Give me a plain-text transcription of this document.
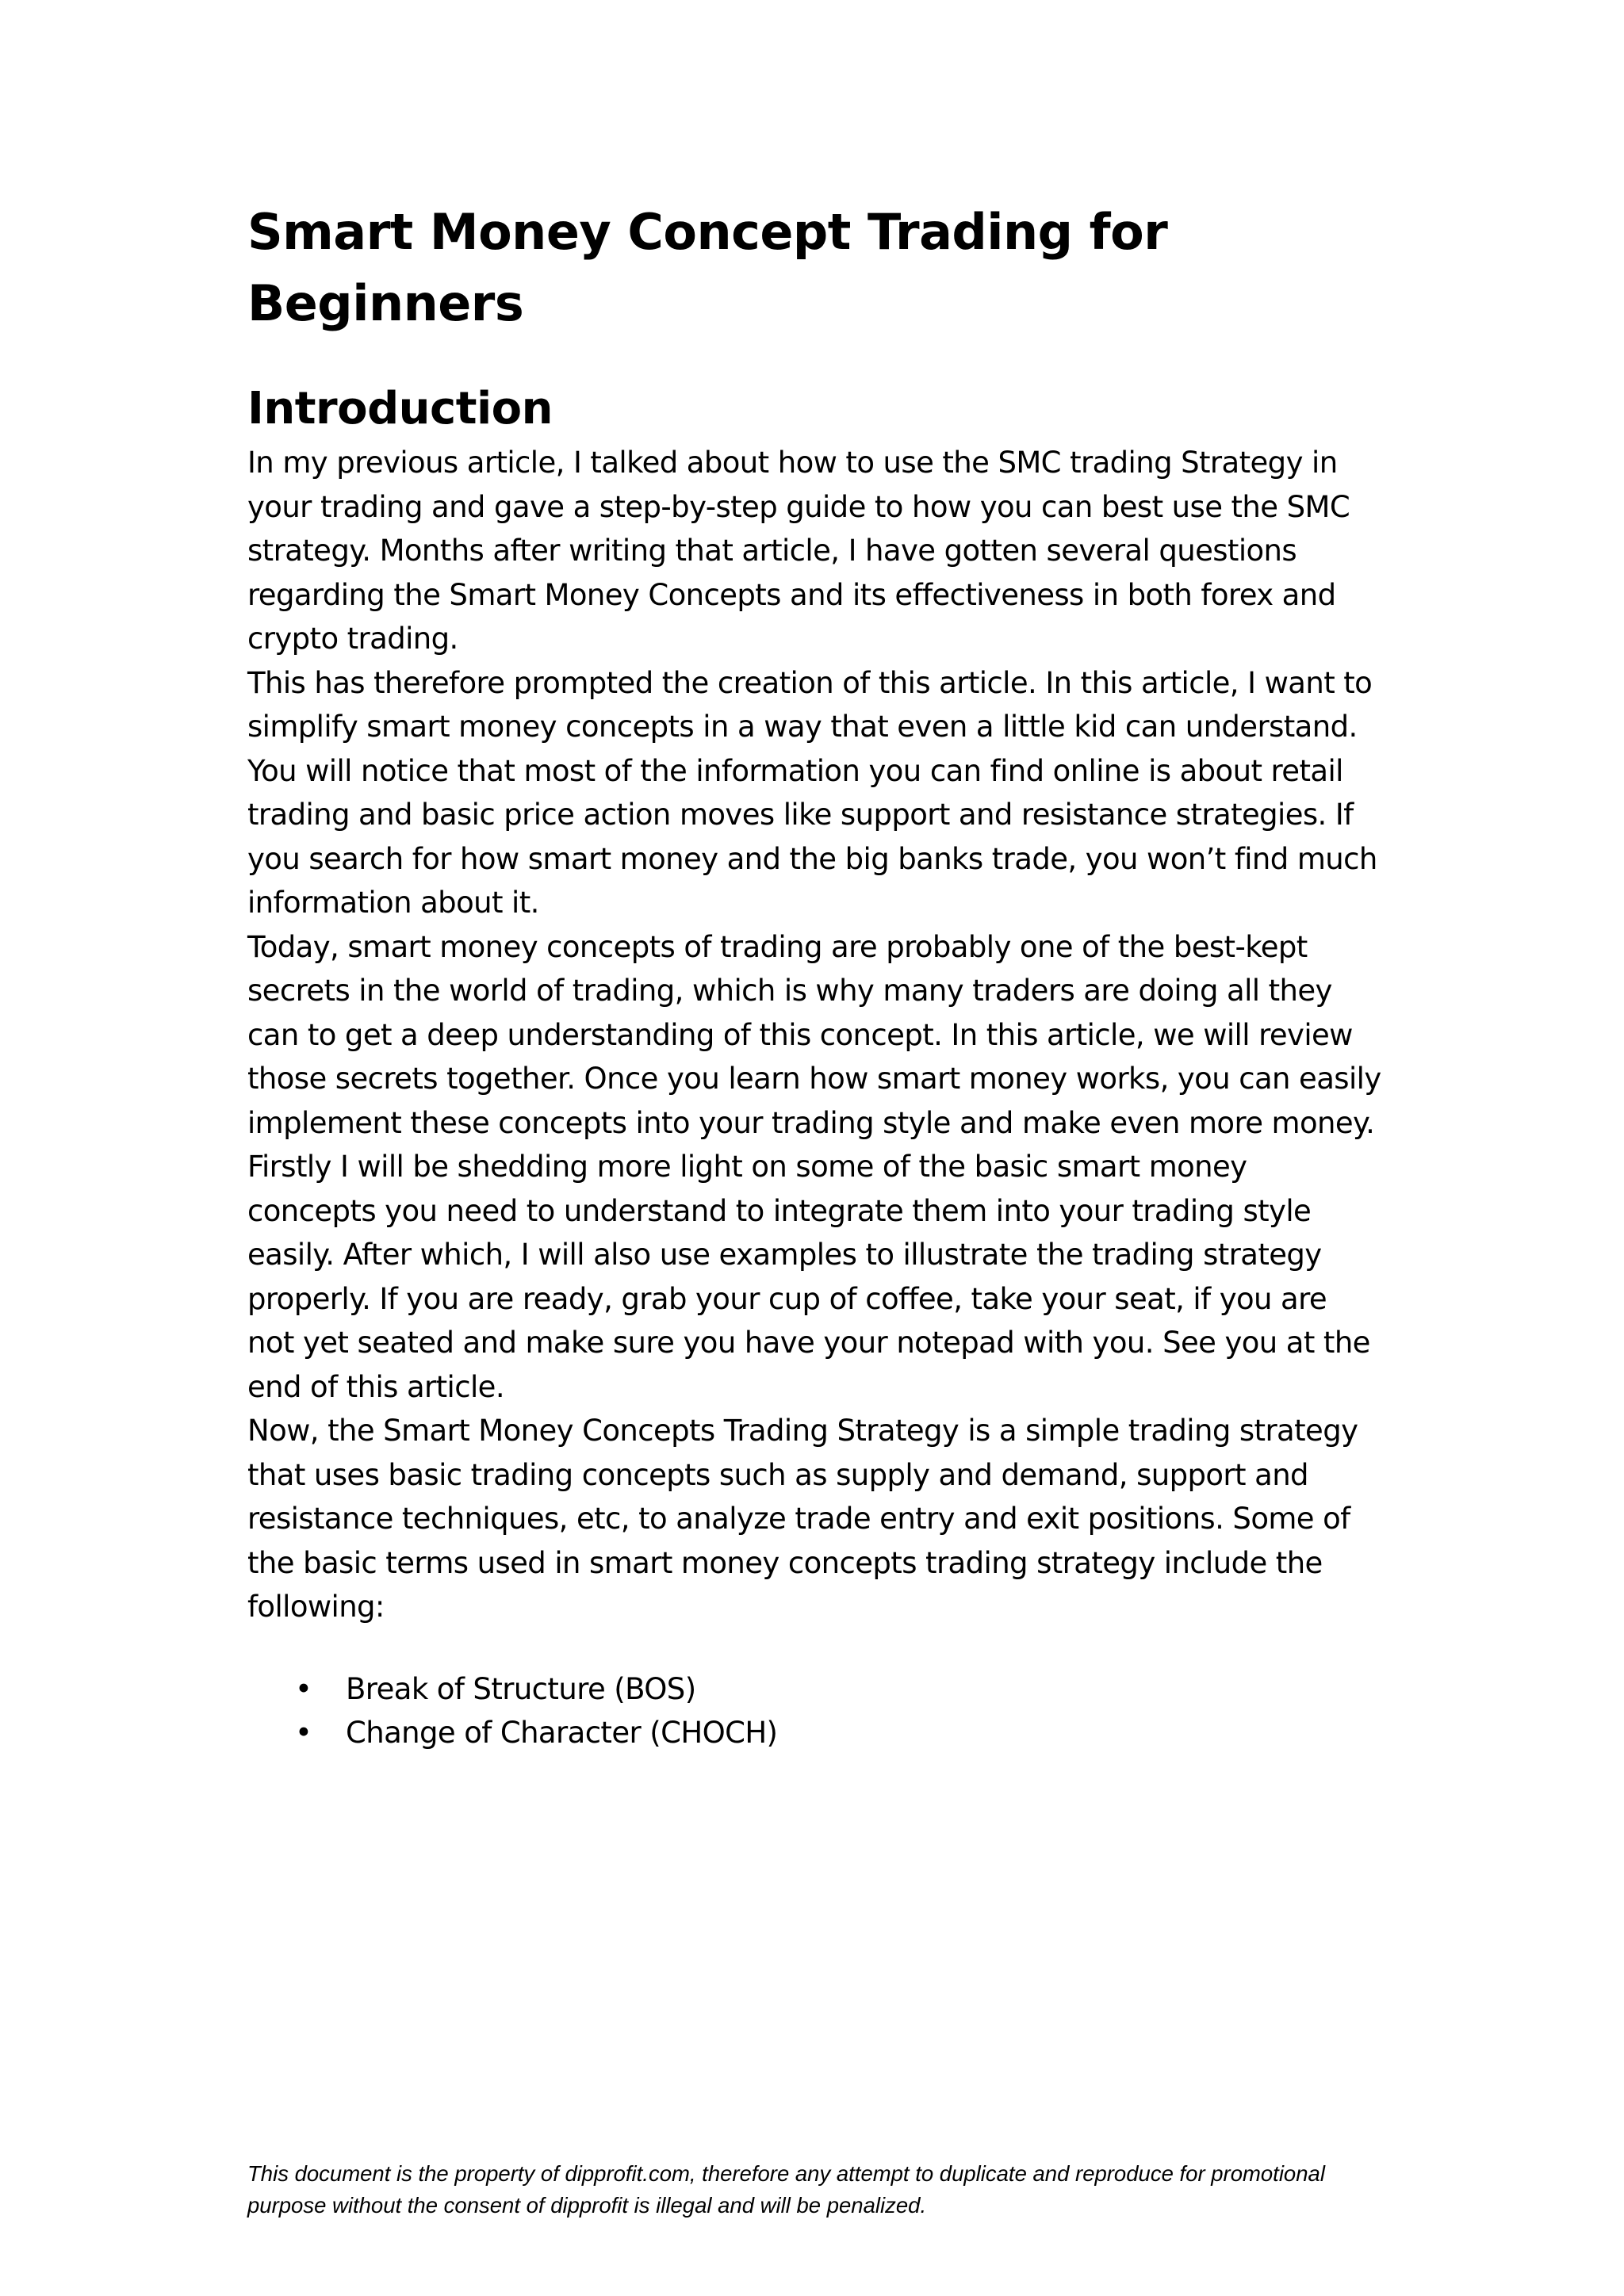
Smart Money Concept Trading for
Beginners
Introduction

In my previous article, I talked about how to use the SMC trading Strategy in
your trading and gave a step-by-step guide to how you can best use the SMC
strategy. Months after writing that article, I have gotten several questions
regarding the Smart Money Concepts and its effectiveness in both forex and
crypto trading.

This has therefore prompted the creation of this article. In this article, I want to
simplify smart money concepts in a way that even a little kid can understand.
You will notice that most of the information you can find online is about retail
trading and basic price action moves like support and resistance strategies. If
you search for how smart money and the big banks trade, you won’t find much
information about it.

Today, smart money concepts of trading are probably one of the best-kept
secrets in the world of trading, which is why many traders are doing all they
can to get a deep understanding of this concept. In this article, we will review
those secrets together. Once you learn how smart money works, you can easily
implement these concepts into your trading style and make even more money.

Firstly I will be shedding more light on some of the basic smart money
concepts you need to understand to integrate them into your trading style
easily. After which, I will also use examples to illustrate the trading strategy
properly. If you are ready, grab your cup of coffee, take your seat, if you are
not yet seated and make sure you have your notepad with you. See you at the
end of this article.

Now, the Smart Money Concepts Trading Strategy is a simple trading strategy
that uses basic trading concepts such as supply and demand, support and
resistance techniques, etc, to analyze trade entry and exit positions. Some of
the basic terms used in smart money concepts trading strategy include the
following:

• Break of Structure (BOS)
• Change of Character (CHOCH)
This document is the property of dipprofit.com, therefore any attempt to duplicate and reproduce for promotional
purpose without the consent of dipprofit is illegal and will be penalized.
